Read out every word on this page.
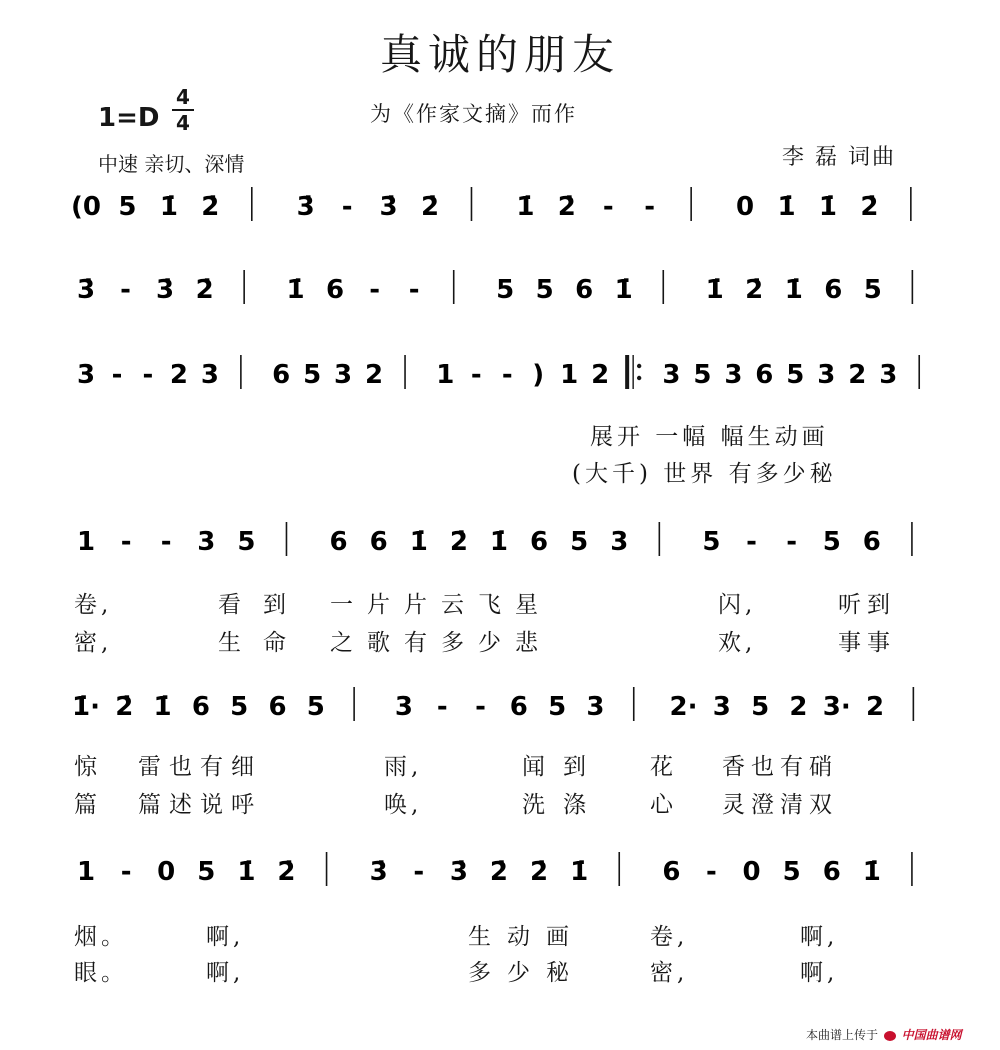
真诚的朋友
1=D
4
4	为《作家文摘》而作
中速 亲切、深情	李 磊 词曲
(0 5 1̇ 2̇	3̇ - 3̇ 2̇	1̇ 2̇ - -	0 1̇ 1̇ 2̇
3̇ - 3̇ 2̇	1̇ 6 - -	5 5 6 1̇	1̇ 2̇ 1̇ 6 5
3 - - 2 3 6 5 3 2 1 - - ) 1 2 3 5 3 6 5 3 2 3
1 - - 3 5	6 6 1̇ 2̇ 1̇ 6 5 3	5 - - 5 6
1̇· 2̇ 1̇ 6 5 6 5	3 - - 6 5 3	2· 3 5 2 3· 2
1 - 0 5 1̇ 2̇	3̇ - 3̇ 2̇ 2̇ 1̇	6 - 0 5 6 1̇
展开 一幅 幅生动画
(大千) 世界 有多少秘
卷,	看到 一片片云飞星	闪,	听到
密,	生命 之歌有多少悲	欢,	事事
惊 雷也有细	雨,	闻到 花 香也有硝
篇 篇述说呼	唤,	洗涤 心 灵澄清双
烟。	啊,	生动画	卷,	啊,
眼。	啊,	多少秘	密,	啊,
本曲谱上传于 中国曲谱网
